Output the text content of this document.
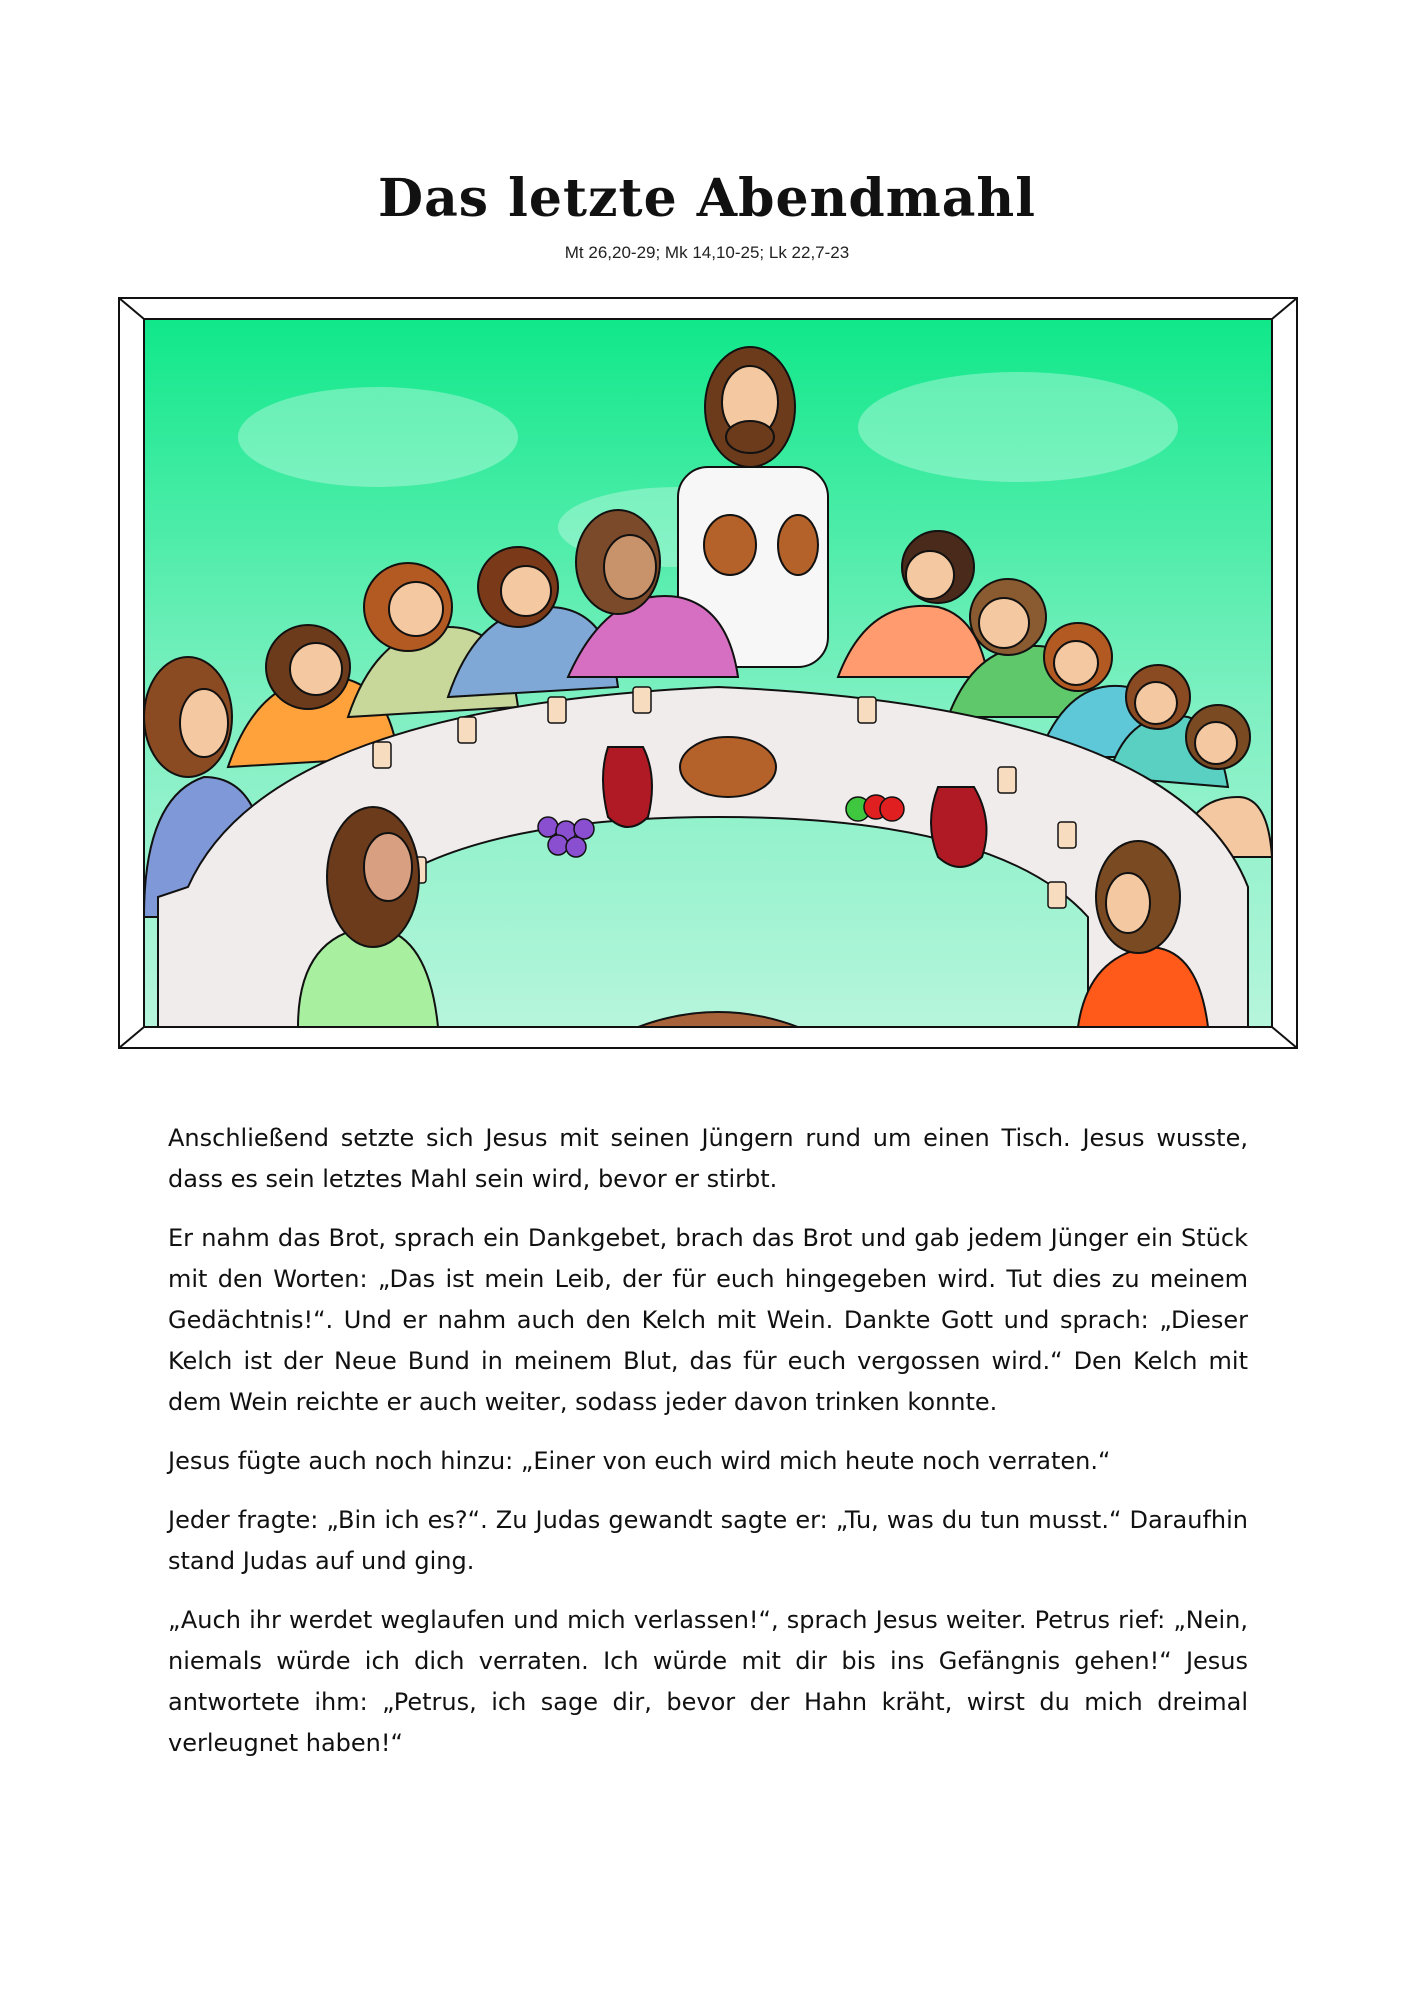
Das letzte Abendmahl
Mt 26,20-29; Mk 14,10-25; Lk 22,7-23

Anschließend setzte sich Jesus mit seinen Jüngern rund um einen Tisch. Jesus wusste, dass es sein letztes Mahl sein wird, bevor er stirbt.

Er nahm das Brot, sprach ein Dankgebet, brach das Brot und gab jedem Jünger ein Stück mit den Worten: „Das ist mein Leib, der für euch hingegeben wird. Tut dies zu meinem Gedächtnis!“. Und er nahm auch den Kelch mit Wein. Dankte Gott und sprach: „Dieser Kelch ist der Neue Bund in meinem Blut, das für euch vergossen wird.“ Den Kelch mit dem Wein reichte er auch weiter, sodass jeder davon trinken konnte.

Jesus fügte auch noch hinzu: „Einer von euch wird mich heute noch verraten.“

Jeder fragte: „Bin ich es?“. Zu Judas gewandt sagte er: „Tu, was du tun musst.“ Daraufhin stand Judas auf und ging.

„Auch ihr werdet weglaufen und mich verlassen!“, sprach Jesus weiter. Petrus rief: „Nein, niemals würde ich dich verraten. Ich würde mit dir bis ins Gefängnis gehen!“ Jesus antwortete ihm: „Petrus, ich sage dir, bevor der Hahn kräht, wirst du mich dreimal verleugnet haben!“
